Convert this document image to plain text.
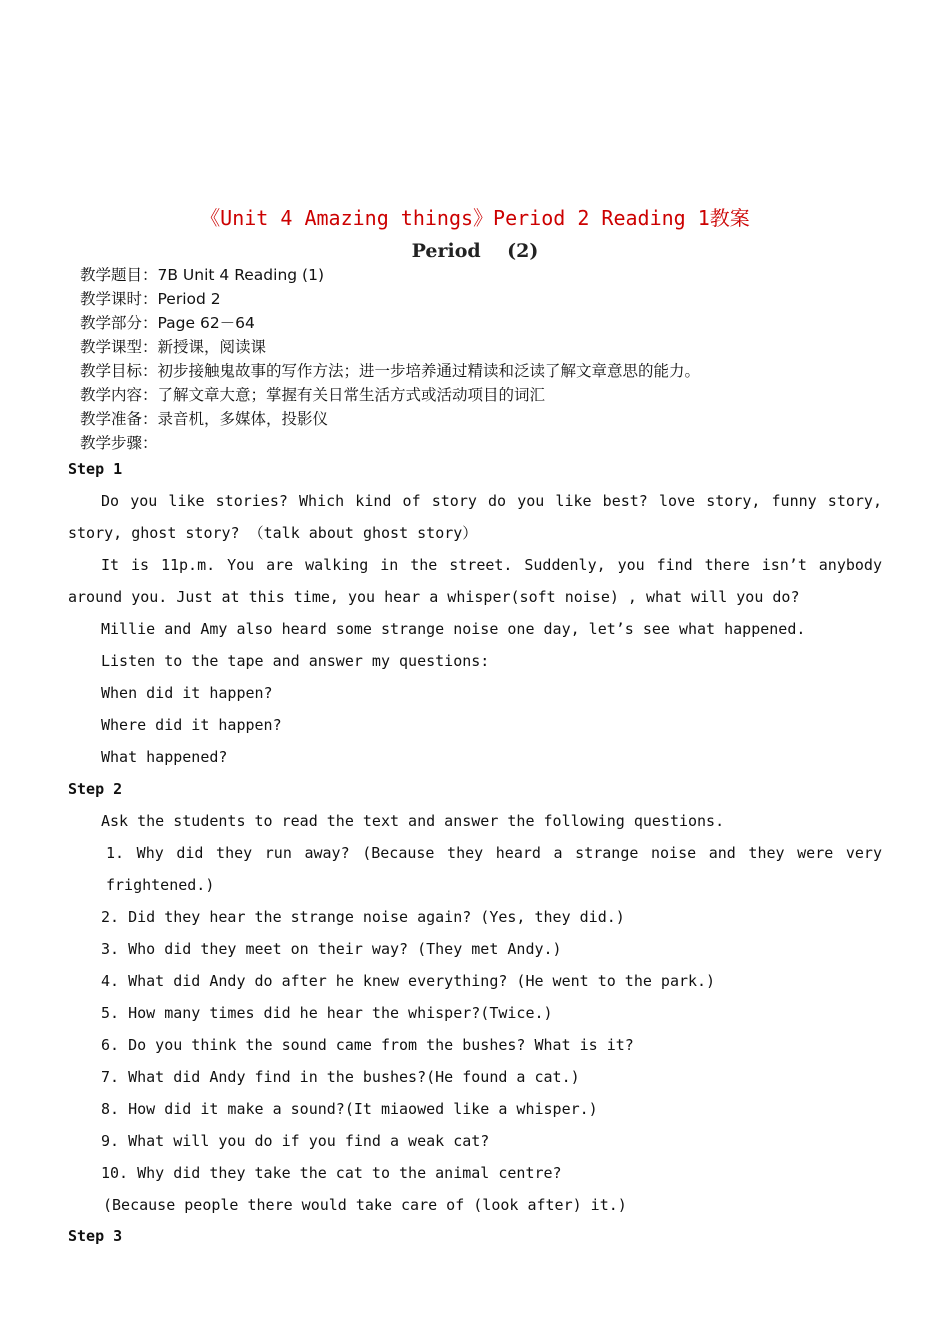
《Unit 4 Amazing things》Period 2 Reading 1教案
Period    (2)
教学题目：7B Unit 4 Reading (1)
教学课时：Period 2
教学部分：Page 62－64
教学课型：新授课，阅读课
教学目标：初步接触鬼故事的写作方法；进一步培养通过精读和泛读了解文章意思的能力。
教学内容：了解文章大意；掌握有关日常生活方式或活动项目的词汇
教学准备：录音机，多媒体，投影仪
教学步骤：
Step 1
Do you like stories? Which kind of story do you like best? love story, funny story,
story, ghost story? （talk about ghost story）
It is 11p.m. You are walking in the street. Suddenly, you find there isn’t anybody
around you. Just at this time, you hear a whisper(soft noise) , what will you do?
Millie and Amy also heard some strange noise one day, let’s see what happened.
Listen to the tape and answer my questions:
When did it happen?
Where did it happen?
What happened?
Step 2
Ask the students to read the text and answer the following questions.
1. Why did they run away? (Because they heard a strange noise and they were very
frightened.)
2. Did they hear the strange noise again? (Yes, they did.)
3. Who did they meet on their way? (They met Andy.)
4. What did Andy do after he knew everything? (He went to the park.)
5. How many times did he hear the whisper?(Twice.)
6. Do you think the sound came from the bushes? What is it?
7. What did Andy find in the bushes?(He found a cat.)
8. How did it make a sound?(It miaowed like a whisper.)
9. What will you do if you find a weak cat?
10. Why did they take the cat to the animal centre?
(Because people there would take care of (look after) it.)
Step 3
